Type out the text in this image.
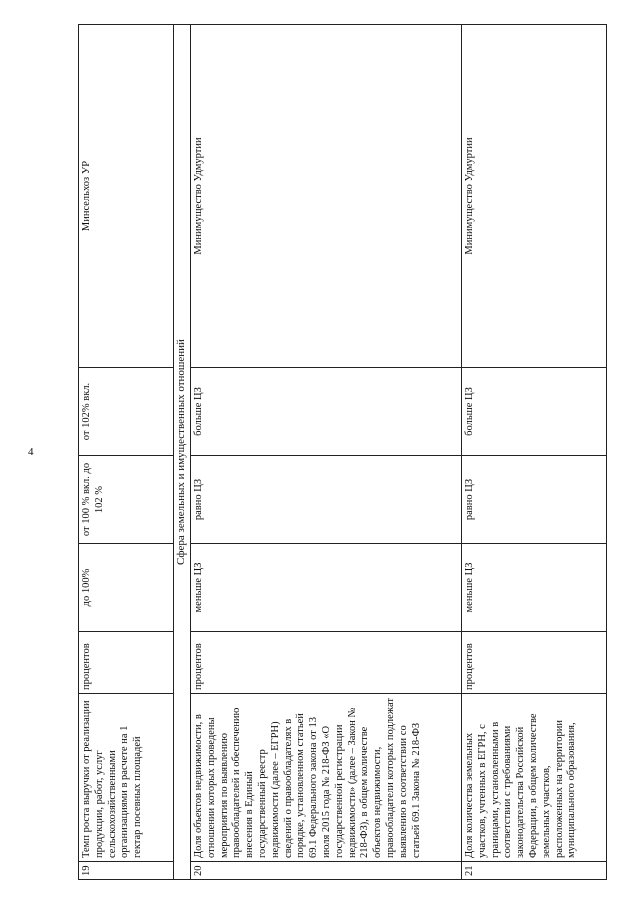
4
19	Темп роста выручки от реализации продукции, работ, услуг сельскохозяйственными организациями в расчете на 1 гектар посевных площадей	процентов	до 100%	от 100 % вкл. до 102 %	от 102% вкл.	Минсельхоз УР
Сфера земельных и имущественных отношений						
20	Доля объектов недвижимости, в отношении которых проведены мероприятия по выявлению правообладателей и обеспечению внесения в Единый государственный реестр недвижимости (далее – ЕГРН) сведений о правообладателях в порядке, установленном статьей 69.1 Федерального закона от 13 июля 2015 года № 218-ФЗ «О государственной регистрации недвижимости» (далее – Закон № 218-ФЗ), в общем количестве объектов недвижимости, правообладатели которых подлежат выявлению в соответствии со статьей 69.1 Закона № 218-ФЗ	процентов	меньше ЦЗ	равно ЦЗ	больше ЦЗ	Минимущество Удмуртии
21	Доля количества земельных участков, учтенных в ЕГРН, с границами, установленными в соответствии с требованиями законодательства Российской Федерации, в общем количестве земельных участков, расположенных на территории муниципального образования,	процентов	меньше ЦЗ	равно ЦЗ	больше ЦЗ	Минимущество Удмуртии
